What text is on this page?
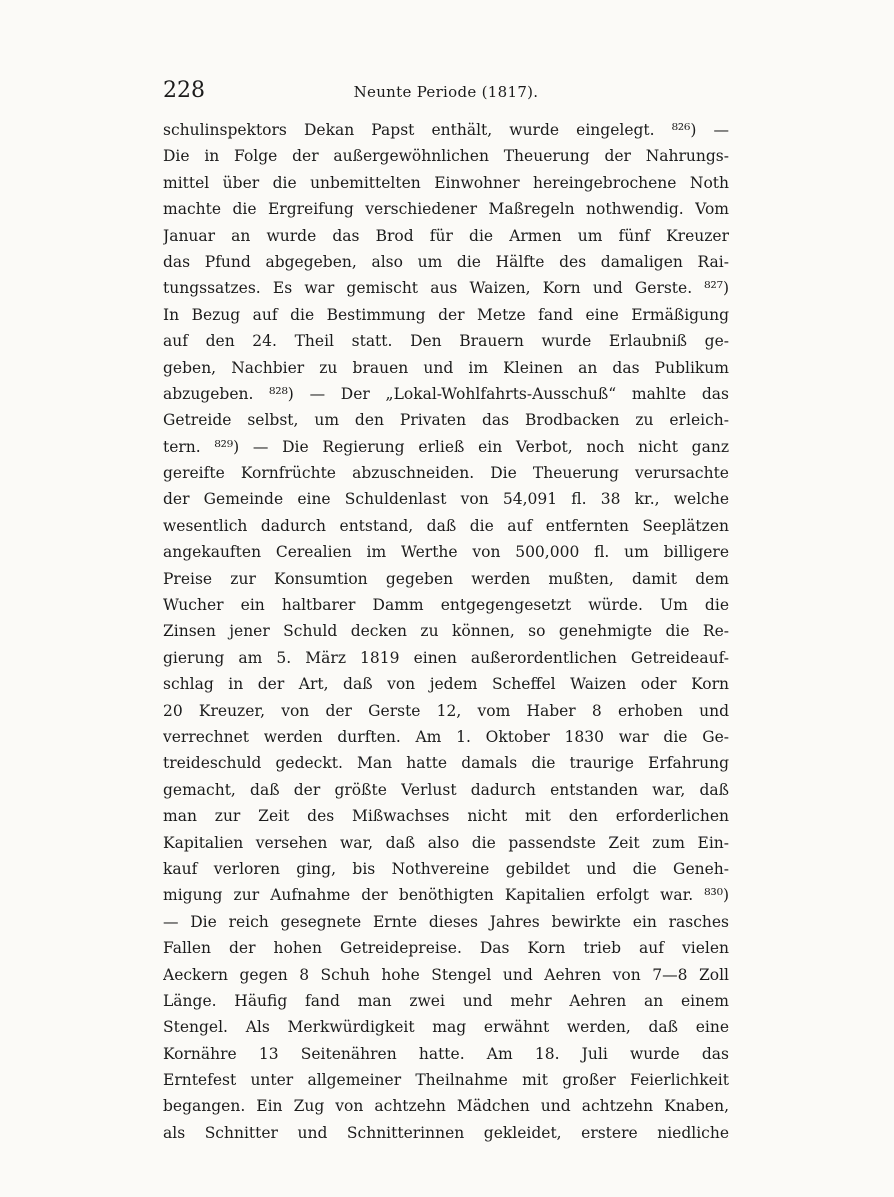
228	Neunte Periode (1817).
schulinspektors Dekan Papst enthält, wurde eingelegt. ⁸²⁶) —
Die in Folge der außergewöhnlichen Theuerung der Nahrungs-
mittel über die unbemittelten Einwohner hereingebrochene Noth
machte die Ergreifung verschiedener Maßregeln nothwendig. Vom
Januar an wurde das Brod für die Armen um fünf Kreuzer
das Pfund abgegeben, also um die Hälfte des damaligen Rai-
tungssatzes. Es war gemischt aus Waizen, Korn und Gerste. ⁸²⁷)
In Bezug auf die Bestimmung der Metze fand eine Ermäßigung
auf den 24. Theil statt. Den Brauern wurde Erlaubniß ge-
geben, Nachbier zu brauen und im Kleinen an das Publikum
abzugeben. ⁸²⁸) — Der „Lokal-Wohlfahrts-Ausschuß“ mahlte das
Getreide selbst, um den Privaten das Brodbacken zu erleich-
tern. ⁸²⁹) — Die Regierung erließ ein Verbot, noch nicht ganz
gereifte Kornfrüchte abzuschneiden. Die Theuerung verursachte
der Gemeinde eine Schuldenlast von 54,091 fl. 38 kr., welche
wesentlich dadurch entstand, daß die auf entfernten Seeplätzen
angekauften Cerealien im Werthe von 500,000 fl. um billigere
Preise zur Konsumtion gegeben werden mußten, damit dem
Wucher ein haltbarer Damm entgegengesetzt würde. Um die
Zinsen jener Schuld decken zu können, so genehmigte die Re-
gierung am 5. März 1819 einen außerordentlichen Getreideauf-
schlag in der Art, daß von jedem Scheffel Waizen oder Korn
20 Kreuzer, von der Gerste 12, vom Haber 8 erhoben und
verrechnet werden durften. Am 1. Oktober 1830 war die Ge-
treideschuld gedeckt. Man hatte damals die traurige Erfahrung
gemacht, daß der größte Verlust dadurch entstanden war, daß
man zur Zeit des Mißwachses nicht mit den erforderlichen
Kapitalien versehen war, daß also die passendste Zeit zum Ein-
kauf verloren ging, bis Nothvereine gebildet und die Geneh-
migung zur Aufnahme der benöthigten Kapitalien erfolgt war. ⁸³⁰)
— Die reich gesegnete Ernte dieses Jahres bewirkte ein rasches
Fallen der hohen Getreidepreise. Das Korn trieb auf vielen
Aeckern gegen 8 Schuh hohe Stengel und Aehren von 7—8 Zoll
Länge. Häufig fand man zwei und mehr Aehren an einem
Stengel. Als Merkwürdigkeit mag erwähnt werden, daß eine
Kornähre 13 Seitenähren hatte. Am 18. Juli wurde das
Erntefest unter allgemeiner Theilnahme mit großer Feierlichkeit
begangen. Ein Zug von achtzehn Mädchen und achtzehn Knaben,
als Schnitter und Schnitterinnen gekleidet, erstere niedliche
